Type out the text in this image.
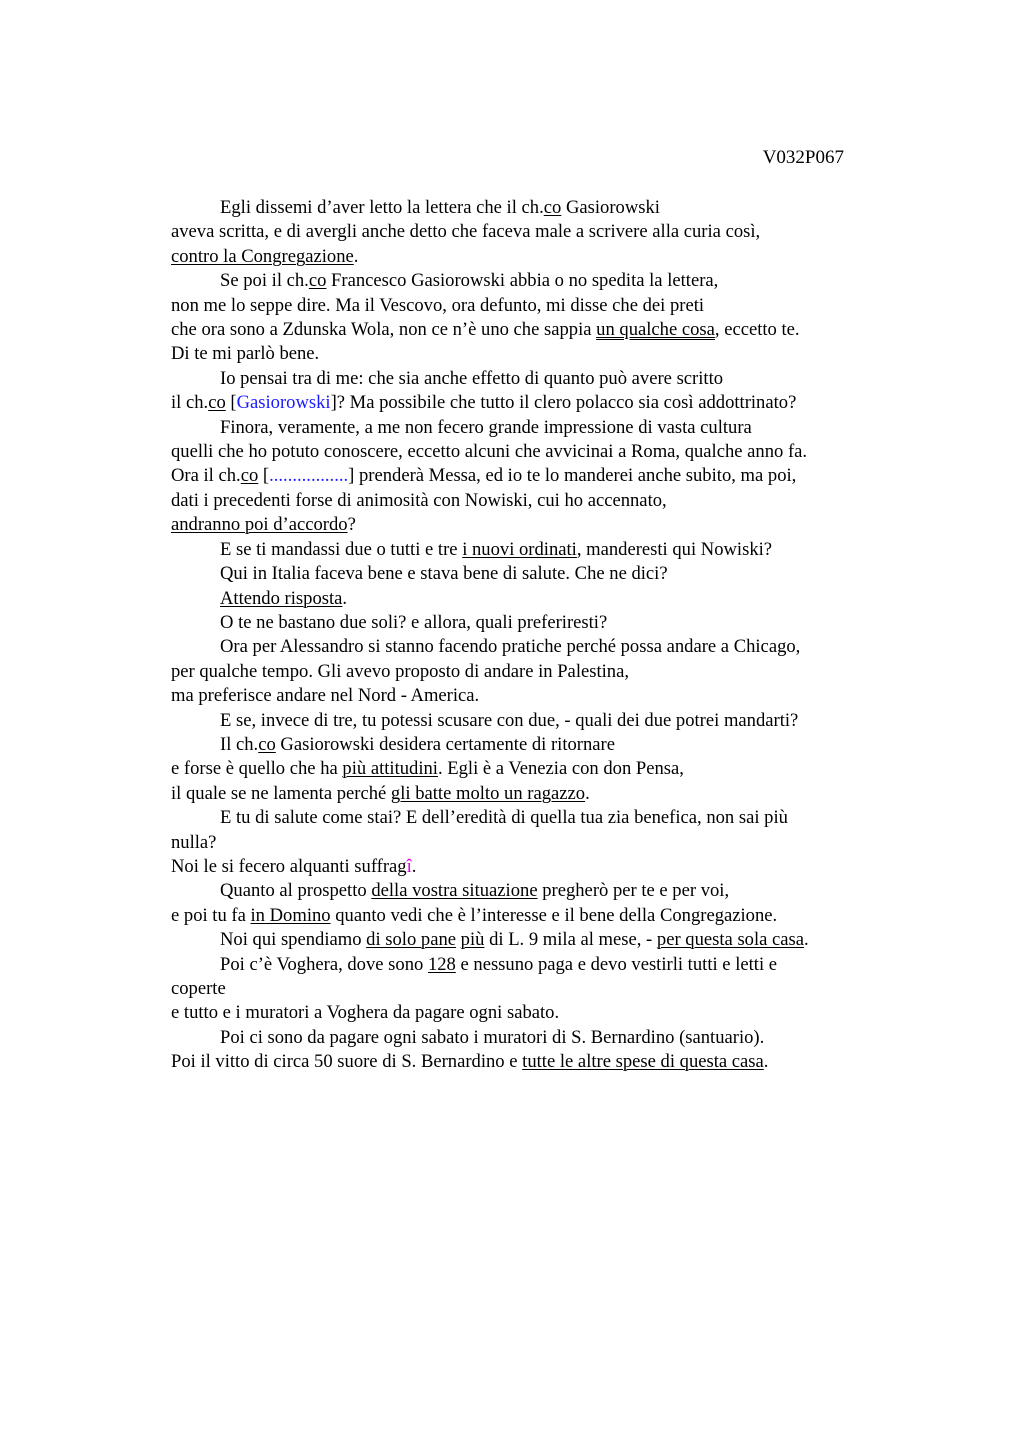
V032P067
Egli dissemi d’aver letto la lettera che il ch.co Gasiorowski
aveva scritta, e di avergli anche detto che faceva male a scrivere alla curia così,
contro la Congregazione.
Se poi il ch.co Francesco Gasiorowski abbia o no spedita la lettera,
non me lo seppe dire. Ma il Vescovo, ora defunto, mi disse che dei preti
che ora sono a Zdunska Wola, non ce n’è uno che sappia un qualche cosa, eccetto te.
Di te mi parlò bene.
Io pensai tra di me: che sia anche effetto di quanto può avere scritto
il ch.co [Gasiorowski]? Ma possibile che tutto il clero polacco sia così addottrinato?
Finora, veramente, a me non fecero grande impressione di vasta cultura
quelli che ho potuto conoscere, eccetto alcuni che avvicinai a Roma, qualche anno fa.
Ora il ch.co [.................] prenderà Messa, ed io te lo manderei anche subito, ma poi,
dati i precedenti forse di animosità con Nowiski, cui ho accennato,
andranno poi d’accordo?
E se ti mandassi due o tutti e tre i nuovi ordinati, manderesti qui Nowiski?
Qui in Italia faceva bene e stava bene di salute. Che ne dici?
Attendo risposta.
O te ne bastano due soli? e allora, quali preferiresti?
Ora per Alessandro si stanno facendo pratiche perché possa andare a Chicago,
per qualche tempo. Gli avevo proposto di andare in Palestina,
ma preferisce andare nel Nord - America.
E se, invece di tre, tu potessi scusare con due, - quali dei due potrei mandarti?
Il ch.co Gasiorowski desidera certamente di ritornare
e forse è quello che ha più attitudini. Egli è a Venezia con don Pensa,
il quale se ne lamenta perché gli batte molto un ragazzo.
E tu di salute come stai? E dell’eredità di quella tua zia benefica, non sai più
nulla?
Noi le si fecero alquanti suffragî.
Quanto al prospetto della vostra situazione pregherò per te e per voi,
e poi tu fa in Domino quanto vedi che è l’interesse e il bene della Congregazione.
Noi qui spendiamo di solo pane più di L. 9 mila al mese, - per questa sola casa.
Poi c’è Voghera, dove sono 128 e nessuno paga e devo vestirli tutti e letti e
coperte
e tutto e i muratori a Voghera da pagare ogni sabato.
Poi ci sono da pagare ogni sabato i muratori di S. Bernardino (santuario).
Poi il vitto di circa 50 suore di S. Bernardino e tutte le altre spese di questa casa.
